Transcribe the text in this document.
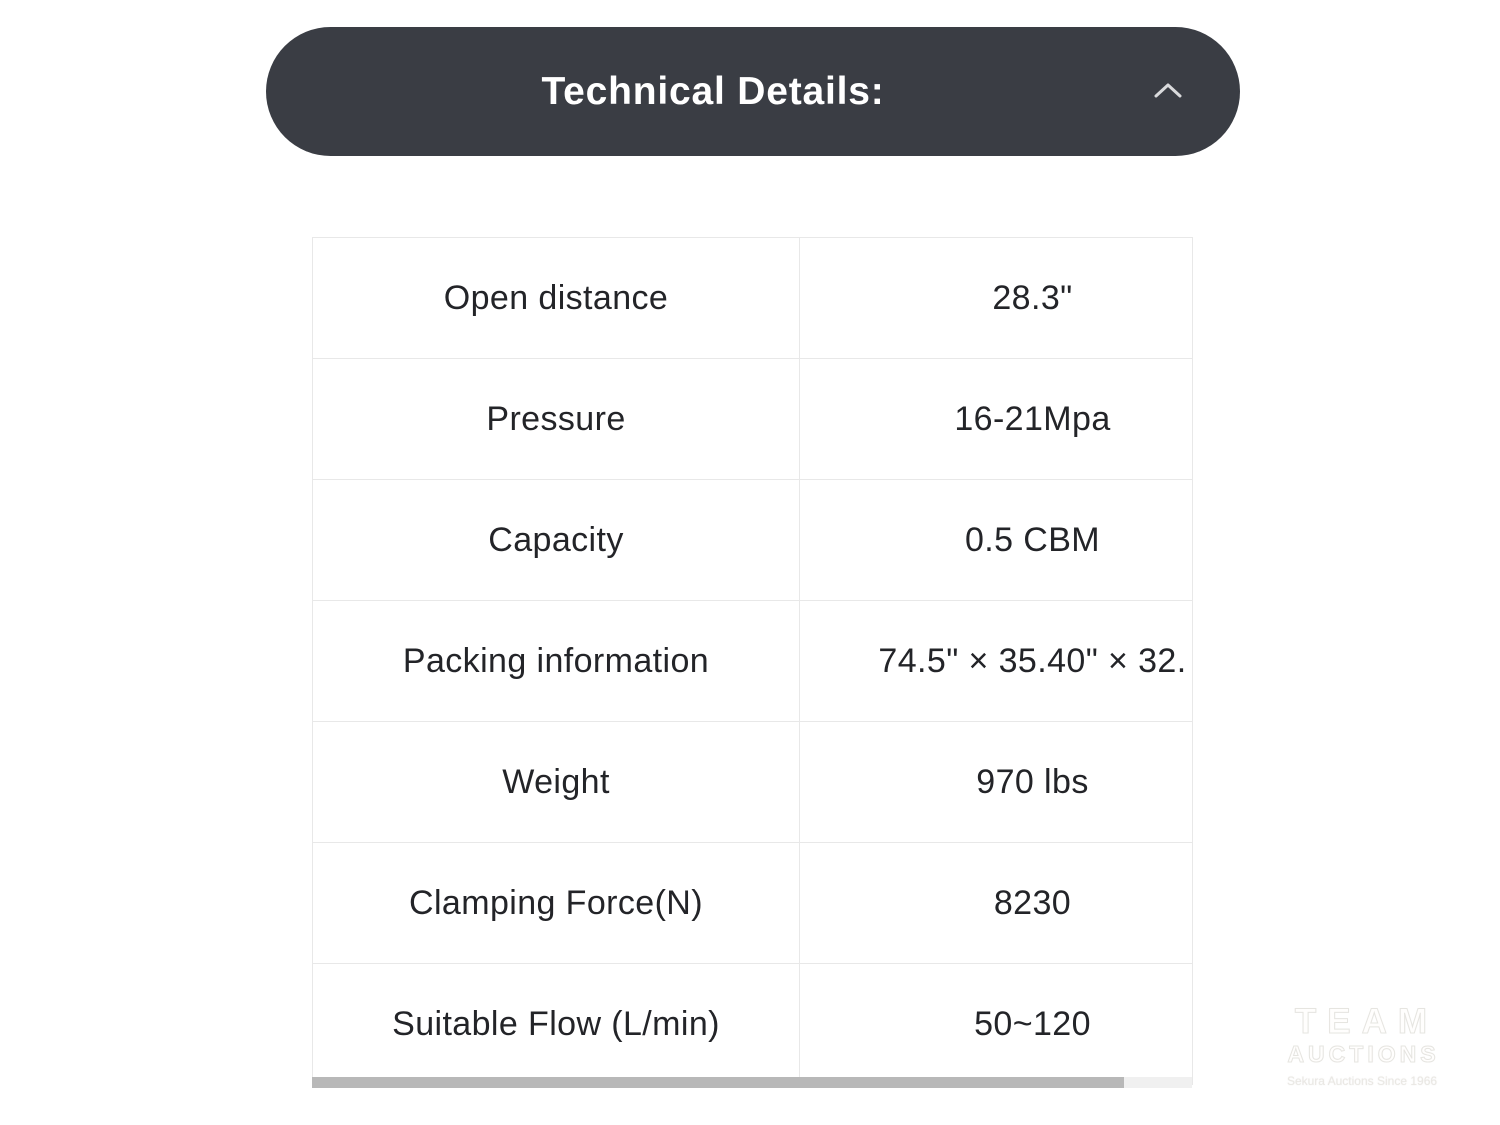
Technical Details:
Open distance	28.3"
Pressure	16-21Mpa
Capacity	0.5 CBM
Packing information	74.5" × 35.40" × 32.
Weight	970 lbs
Clamping Force(N)	8230
Suitable Flow (L/min)	50~120	TEAM
AUCTIONS
Sekura Auctions Since 1966
